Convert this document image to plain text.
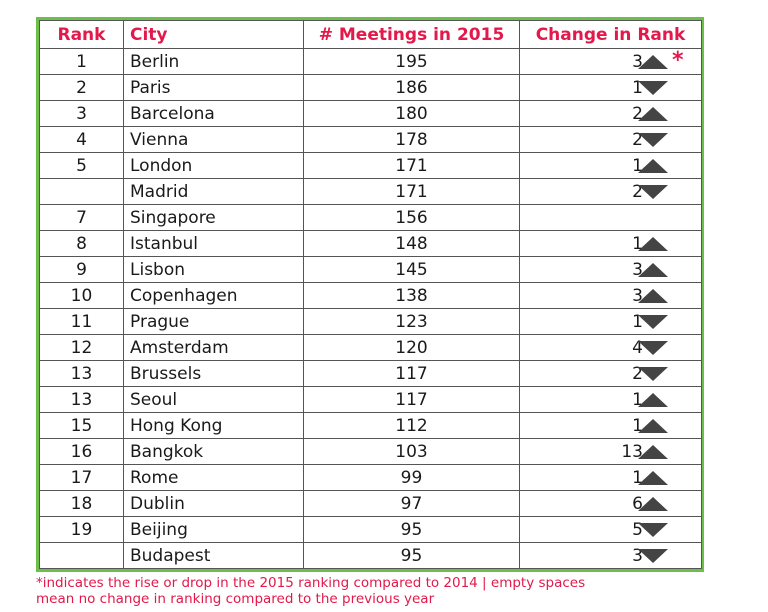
Rank	City	# Meetings in 2015	Change in Rank
1	Berlin	195	3 *

2	Paris	186	1

3	Barcelona	180	2

4	Vienna	178	2

5	London	171	1

	Madrid	171	2

7	Singapore	156	

8	Istanbul	148	1

9	Lisbon	145	3

10	Copenhagen	138	3

11	Prague	123	1

12	Amsterdam	120	4

13	Brussels	117	2

13	Seoul	117	1

15	Hong Kong	112	1

16	Bangkok	103	13

17	Rome	99	1

18	Dublin	97	6

19	Beijing	95	5

	Budapest	95	3
*indicates the rise or drop in the 2015 ranking compared to 2014 | empty spaces
mean no change in ranking compared to the previous year
